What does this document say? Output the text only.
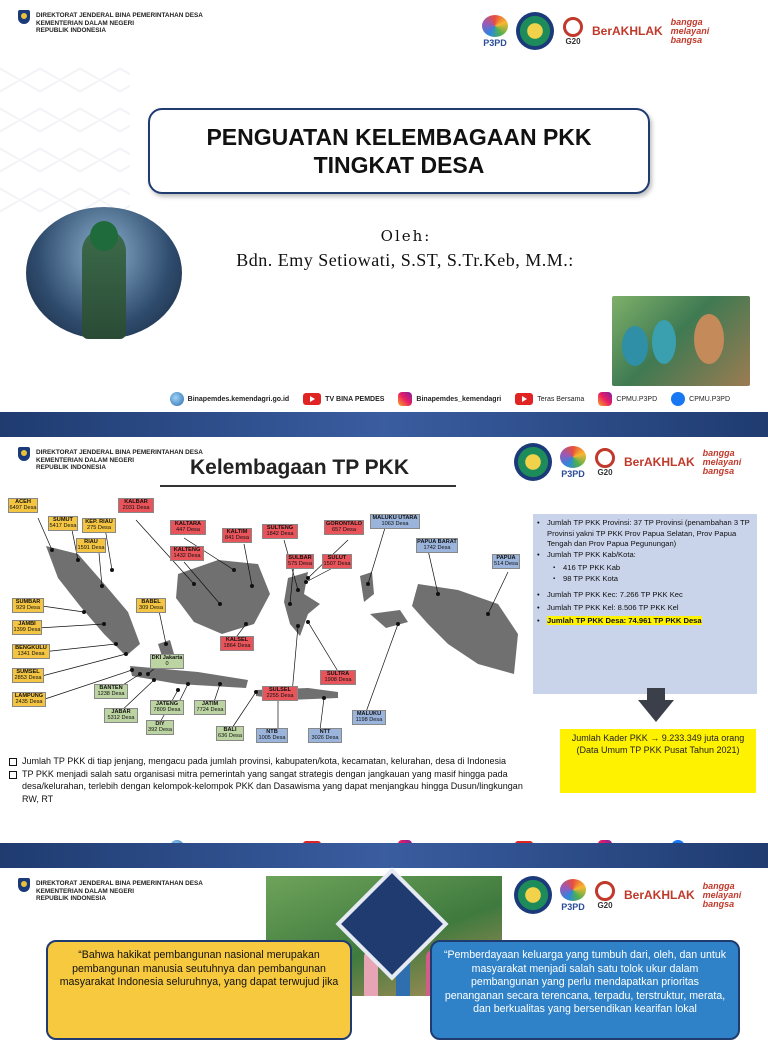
DIREKTORAT JENDERAL BINA PEMERINTAHAN DESA
KEMENTERIAN DALAM NEGERI
REPUBLIK INDONESIA
P3PD	G20
BerAKHLAK
bangga melayani bangsa
PENGUATAN KELEMBAGAAN PKK
TINGKAT DESA
Oleh:
Bdn. Emy Setiowati, S.ST, S.Tr.Keb, M.M.:
Binapemdes.kemendagri.go.id	TV BINA PEMDES	Binapemdes_kemendagri	Teras Bersama	CPMU.P3PD	CPMU.P3PD
DIREKTORAT JENDERAL BINA PEMERINTAHAN DESA
KEMENTERIAN DALAM NEGERI
REPUBLIK INDONESIA
P3PD	G20
BerAKHLAK
bangga melayani bangsa
Kelembagaan TP PKK
ACEH
6497 Desa
SUMUT
5417 Desa
KEP. RIAU
275 Desa
RIAU
1591 Desa
SUMBAR
929 Desa
JAMBI
1399 Desa
BENGKULU
1341 Desa
SUMSEL
2853 Desa
LAMPUNG
2435 Desa
BABEL
309 Desa
KALBAR
2031 Desa
KALTARA
447 Desa
KALTENG
1432 Desa
KALTIM
841 Desa
KALSEL
1864 Desa
SULTENG
1842 Desa
GORONTALO
657 Desa
SULBAR
575 Desa
SULUT
1507 Desa
SULSEL
2255 Desa
SULTRA
1908 Desa
MALUKU UTARA
1063 Desa
PAPUA BARAT
1742 Desa
PAPUA
514 Desa
MALUKU
1198 Desa
NTB
1005 Desa
NTT
3026 Desa
BALI
636 Desa
JATIM
7724 Desa
JATENG
7809 Desa
DIY
392 Desa
JABAR
5312 Desa
BANTEN
1238 Desa
DKI Jakarta
0
• Jumlah TP PKK Provinsi: 37 TP Provinsi (penambahan 3 TP Provinsi yakni TP PKK Prov Papua Selatan, Prov Papua Tengah dan Prov Papua Pegunungan)
• Jumlah TP PKK Kab/Kota:
▪ 416 TP PKK Kab
▪ 98 TP PKK Kota
• Jumlah TP PKK Kec: 7.266 TP PKK Kec
• Jumlah TP PKK Kel: 8.506 TP PKK Kel
• Jumlah TP PKK Desa: 74.961 TP PKK Desa
Jumlah Kader PKK → 9.233.349 juta orang (Data Umum TP PKK Pusat Tahun 2021)

Jumlah TP PKK di tiap jenjang, mengacu pada jumlah provinsi, kabupaten/kota, kecamatan, kelurahan, desa di Indonesia

TP PKK menjadi salah satu organisasi mitra pemerintah yang sangat strategis dengan jangkauan yang masif hingga pada desa/kelurahan, terlebih dengan kelompok-kelompok PKK dan Dasawisma yang dapat menjangkau hingga Dusun/lingkungan RW, RT

DIREKTORAT JENDERAL BINA PEMERINTAHAN DESA
KEMENTERIAN DALAM NEGERI
REPUBLIK INDONESIA
P3PD	G20
BerAKHLAK
bangga melayani bangsa
“Bahwa hakikat pembangunan nasional merupakan pembangunan manusia seutuhnya dan pembangunan masyarakat Indonesia seluruhnya, yang dapat terwujud jika
“Pemberdayaan keluarga yang tumbuh dari, oleh, dan untuk masyarakat menjadi salah satu tolok ukur dalam pembangunan yang perlu mendapatkan prioritas penanganan secara terencana, terpadu, terstruktur, merata, dan berkualitas yang bersendikan kearifan lokal
